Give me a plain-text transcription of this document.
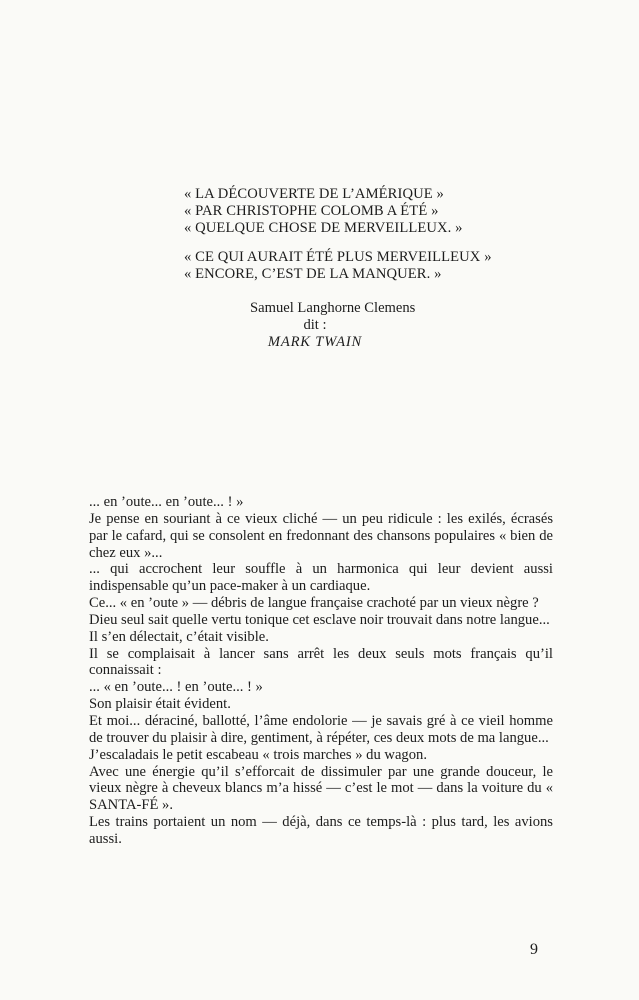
« LA DÉCOUVERTE DE L’AMÉRIQUE »
« PAR CHRISTOPHE COLOMB A ÉTÉ »
« QUELQUE CHOSE DE MERVEILLEUX. »
« CE QUI AURAIT ÉTÉ PLUS MERVEILLEUX »
« ENCORE, C’EST DE LA MANQUER. »
Samuel Langhorne Clemens
dit :
MARK TWAIN

... en ’oute... en ’oute... ! »

Je pense en souriant à ce vieux cliché — un peu ridicule : les exilés, écrasés par le cafard, qui se consolent en fredonnant des chansons populaires « bien de chez eux »...

... qui accrochent leur souffle à un harmonica qui leur devient aussi indispensable qu’un pace-maker à un cardiaque.

Ce... « en ’oute » — débris de langue française crachoté par un vieux nègre ?

Dieu seul sait quelle vertu tonique cet esclave noir trouvait dans notre langue...

Il s’en délectait, c’était visible.

Il se complaisait à lancer sans arrêt les deux seuls mots français qu’il connaissait :

... « en ’oute... ! en ’oute... ! »

Son plaisir était évident.

Et moi... déraciné, ballotté, l’âme endolorie — je savais gré à ce vieil homme de trouver du plaisir à dire, gentiment, à répéter, ces deux mots de ma langue...

J’escaladais le petit escabeau « trois marches » du wagon.

Avec une énergie qu’il s’efforcait de dissimuler par une grande douceur, le vieux nègre à cheveux blancs m’a hissé — c’est le mot — dans la voiture du « SANTA-FÉ ».

Les trains portaient un nom — déjà, dans ce temps-là : plus tard, les avions aussi.

9
